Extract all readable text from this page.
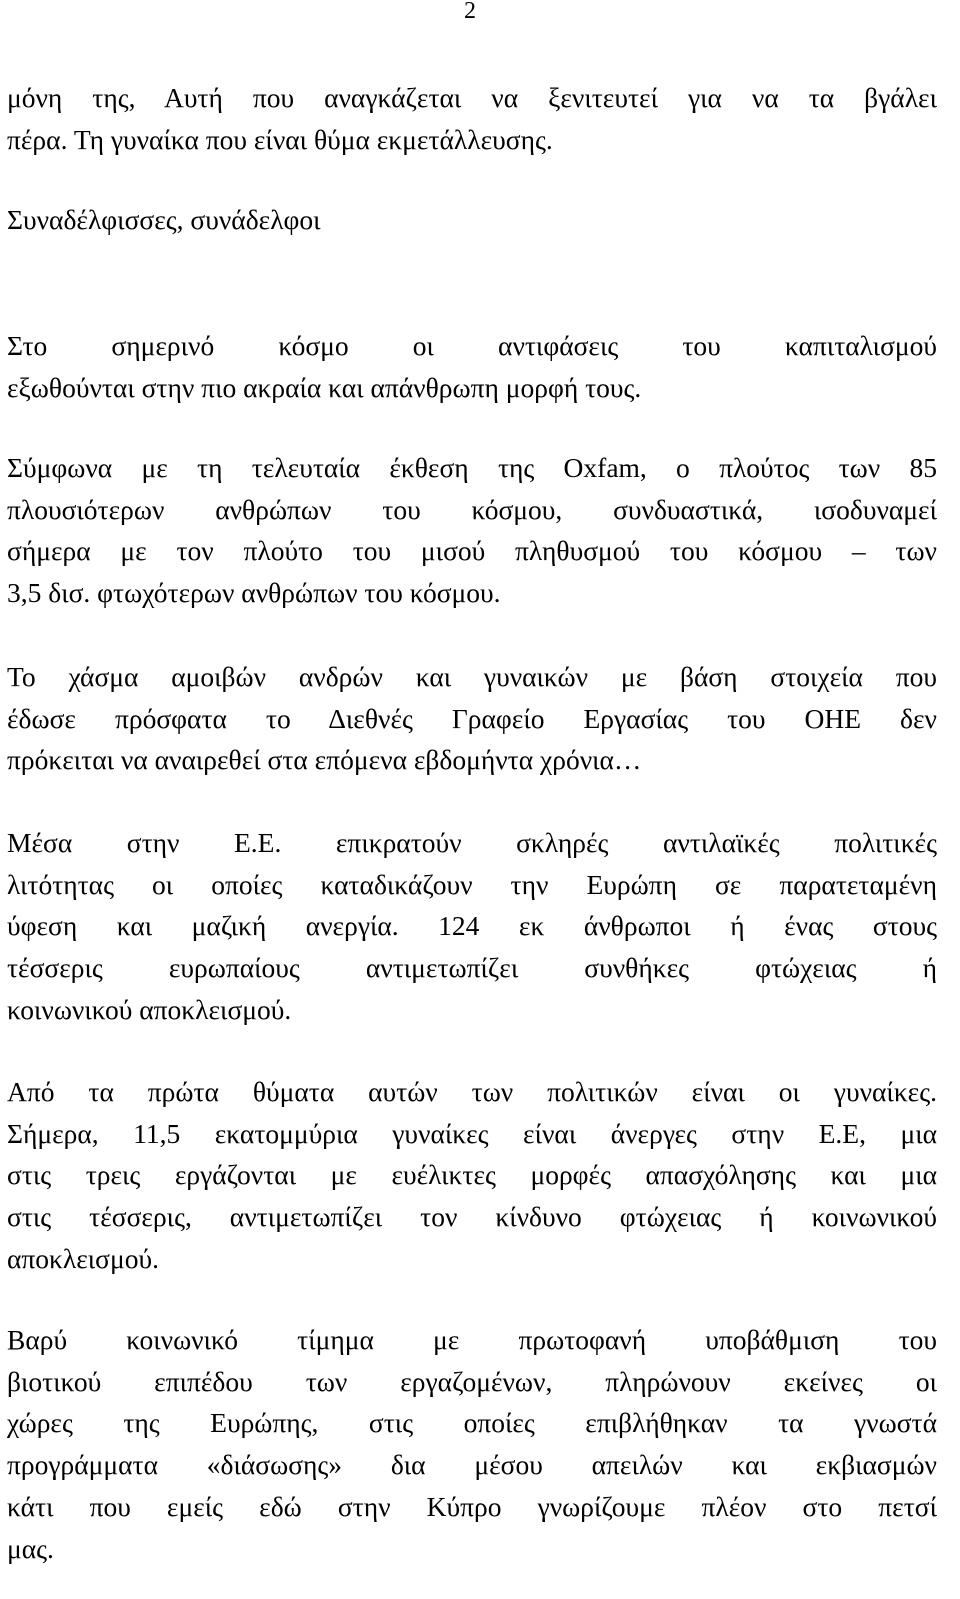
2
μόνη της, Αυτή που αναγκάζεται να ξενιτευτεί για να τα βγάλει
πέρα. Τη γυναίκα που είναι θύμα εκμετάλλευσης.
Συναδέλφισσες, συνάδελφοι
Στο σημερινό κόσμο οι αντιφάσεις του καπιταλισμού
εξωθούνται στην πιο ακραία και απάνθρωπη μορφή τους.
Σύμφωνα με τη τελευταία έκθεση της Oxfam, ο πλούτος των 85
πλουσιότερων ανθρώπων του κόσμου, συνδυαστικά, ισοδυναμεί
σήμερα με τον πλούτο του μισού πληθυσμού του κόσμου – των
3,5 δισ. φτωχότερων ανθρώπων του κόσμου.
Το χάσμα αμοιβών ανδρών και γυναικών με βάση στοιχεία που
έδωσε πρόσφατα το Διεθνές Γραφείο Εργασίας του ΟΗΕ δεν
πρόκειται να αναιρεθεί στα επόμενα εβδομήντα χρόνια…
Μέσα στην Ε.Ε. επικρατούν σκληρές αντιλαϊκές πολιτικές
λιτότητας οι οποίες καταδικάζουν την Ευρώπη σε παρατεταμένη
ύφεση και μαζική ανεργία. 124 εκ άνθρωποι ή ένας στους
τέσσερις ευρωπαίους αντιμετωπίζει συνθήκες φτώχειας ή
κοινωνικού αποκλεισμού.
Από τα πρώτα θύματα αυτών των πολιτικών είναι οι γυναίκες.
Σήμερα, 11,5 εκατομμύρια γυναίκες είναι άνεργες στην Ε.Ε, μια
στις τρεις εργάζονται με ευέλικτες μορφές απασχόλησης και μια
στις τέσσερις, αντιμετωπίζει τον κίνδυνο φτώχειας ή κοινωνικού
αποκλεισμού.
Βαρύ κοινωνικό τίμημα με πρωτοφανή υποβάθμιση του
βιοτικού επιπέδου των εργαζομένων, πληρώνουν εκείνες οι
χώρες της Ευρώπης, στις οποίες επιβλήθηκαν τα γνωστά
προγράμματα «διάσωσης» δια μέσου απειλών και εκβιασμών
κάτι που εμείς εδώ στην Κύπρο γνωρίζουμε πλέον στο πετσί
μας.
